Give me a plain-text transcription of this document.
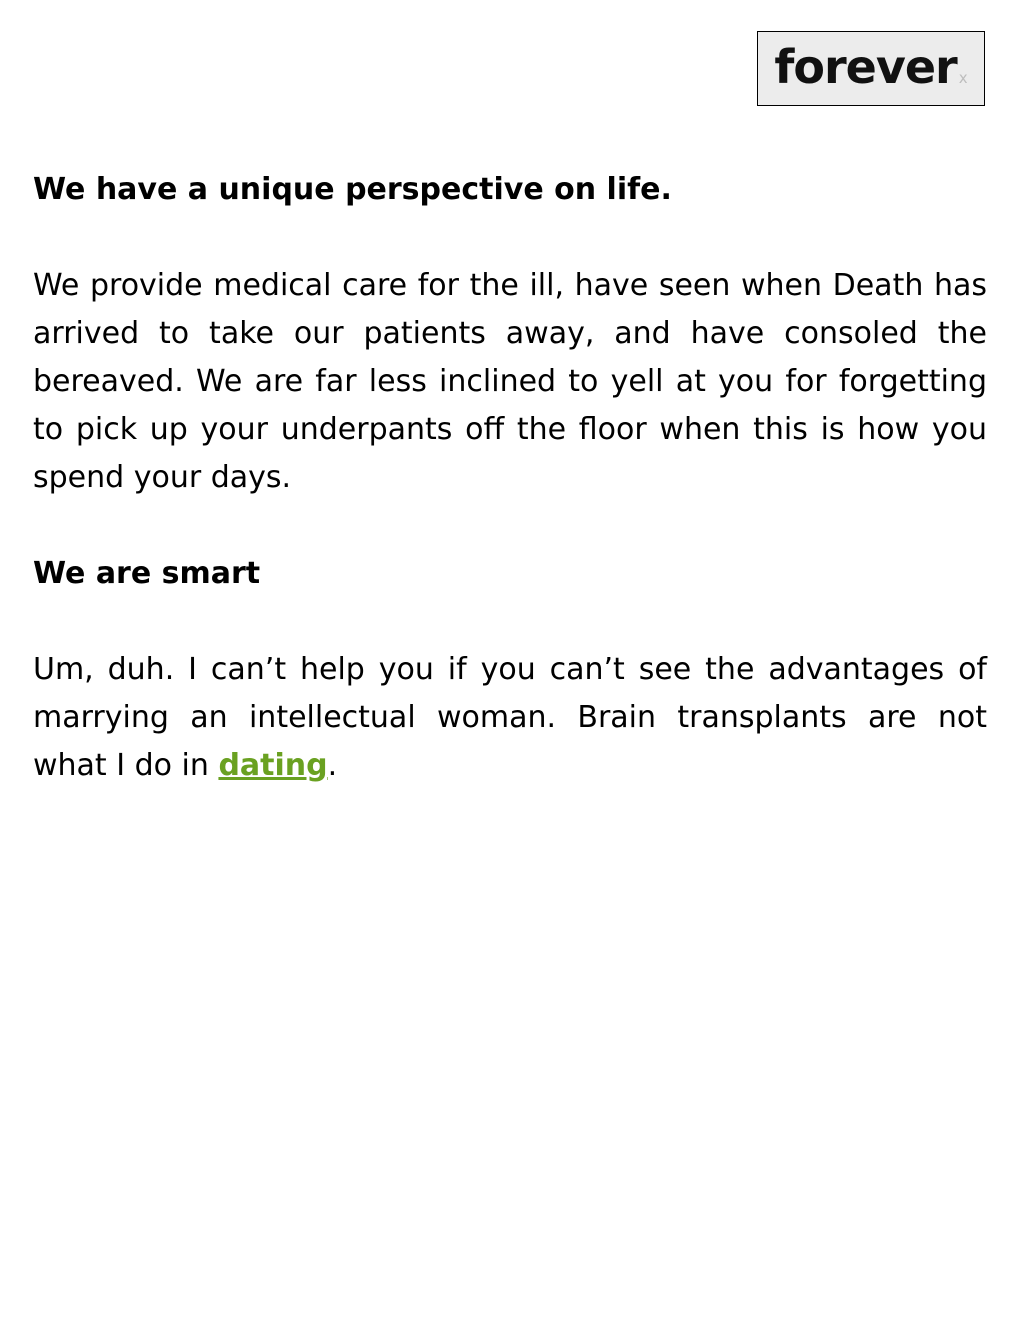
forever x

We have a unique perspective on life.

We provide medical care for the ill, have seen when Death has arrived to take our patients away, and have consoled the bereaved. We are far less inclined to yell at you for forgetting to pick up your underpants off the floor when this is how you spend your days.

We are smart

Um, duh. I can’t help you if you can’t see the advantages of marrying an intellectual woman. Brain transplants are not what I do in dating.
